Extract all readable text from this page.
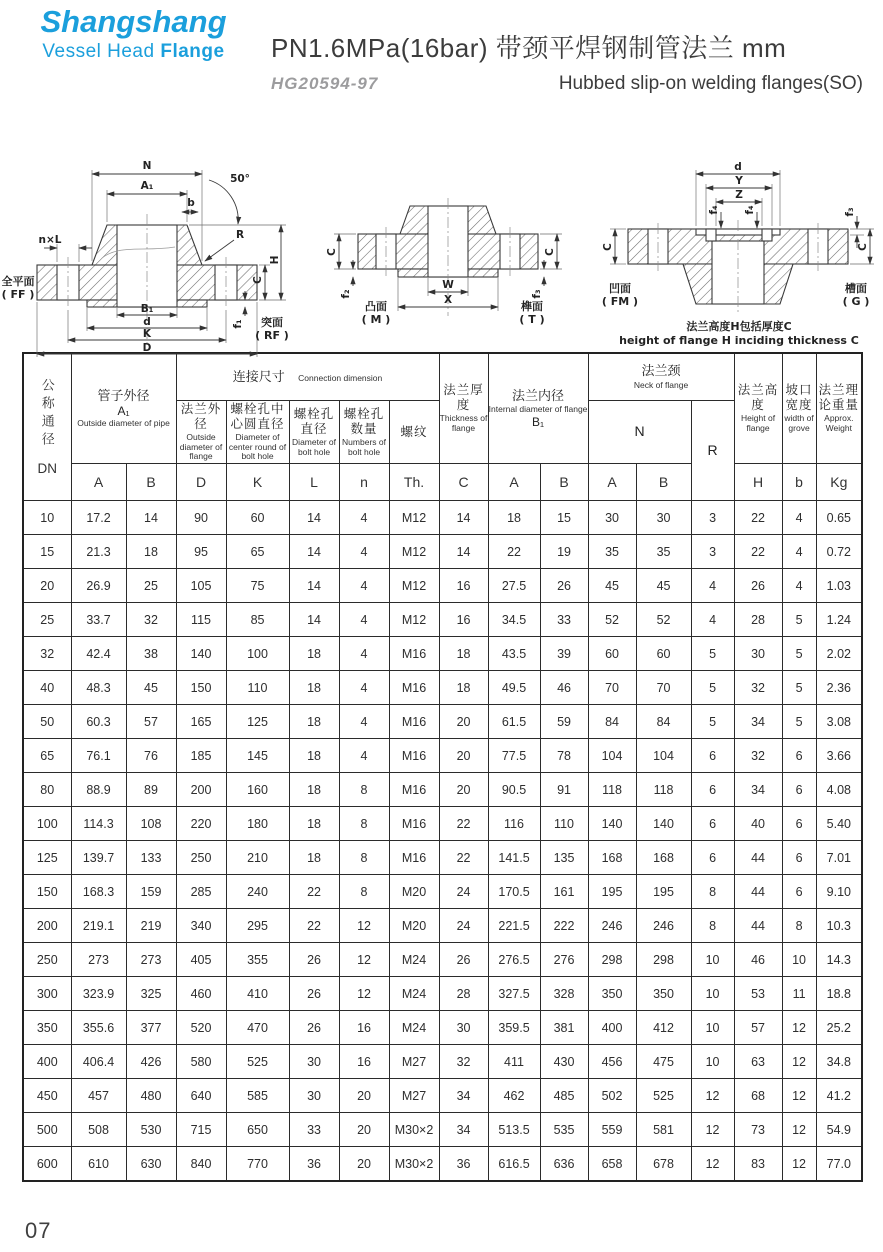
Shangshang
Vessel Head Flange	PN1.6MPa(16bar) 带颈平焊钢制管法兰 mm
HG20594-97	Hubbed slip-on welding flanges(SO)
N
A₁
b
50°
R
n×L
H
C
f₁
B₁
d
K
D
全平面
( FF )
突面
( RF )
C
f₂
C
f₃
W
X
凸面
( M )
榫面
( T )
d
Y
Z
f₄ f₄	f₃
C	C
凹面
( FM )
槽面
( G )
法兰高度H包括厚度C
height of flange H inciding thickness C
公称通径
DN

管子外径
A₁
Outside diameter of pipe
	连接尺寸 Connection dimension	
法兰厚度
Thickness of flange

法兰内径
Internal diameter of flange
B₁

法兰颈
Neck of flange	法兰高度
Height of flange

坡口宽度
width of grove

法兰理论重量
Approx. Weight

法兰外径
Outside diameter of flange

螺栓孔中心圆直径
Diameter of center round of bolt hole

螺栓孔直径
Diameter of bolt hole

螺栓孔数量
Numbers of bolt hole

螺纹	N	R
	A	B	D	K	L	n	Th.	C	A	B	A	B		H	b	Kg
10	17.2	14	90	60	14	4	M12	14	18	15	30	30	3	22	4	0.65
15	21.3	18	95	65	14	4	M12	14	22	19	35	35	3	22	4	0.72
20	26.9	25	105	75	14	4	M12	16	27.5	26	45	45	4	26	4	1.03
25	33.7	32	115	85	14	4	M12	16	34.5	33	52	52	4	28	5	1.24
32	42.4	38	140	100	18	4	M16	18	43.5	39	60	60	5	30	5	2.02
40	48.3	45	150	110	18	4	M16	18	49.5	46	70	70	5	32	5	2.36
50	60.3	57	165	125	18	4	M16	20	61.5	59	84	84	5	34	5	3.08
65	76.1	76	185	145	18	4	M16	20	77.5	78	104	104	6	32	6	3.66
80	88.9	89	200	160	18	8	M16	20	90.5	91	118	118	6	34	6	4.08
100	114.3	108	220	180	18	8	M16	22	116	110	140	140	6	40	6	5.40
125	139.7	133	250	210	18	8	M16	22	141.5	135	168	168	6	44	6	7.01
150	168.3	159	285	240	22	8	M20	24	170.5	161	195	195	8	44	6	9.10
200	219.1	219	340	295	22	12	M20	24	221.5	222	246	246	8	44	8	10.3
250	273	273	405	355	26	12	M24	26	276.5	276	298	298	10	46	10	14.3
300	323.9	325	460	410	26	12	M24	28	327.5	328	350	350	10	53	11	18.8
350	355.6	377	520	470	26	16	M24	30	359.5	381	400	412	10	57	12	25.2
400	406.4	426	580	525	30	16	M27	32	411	430	456	475	10	63	12	34.8
450	457	480	640	585	30	20	M27	34	462	485	502	525	12	68	12	41.2
500	508	530	715	650	33	20	M30×2	34	513.5	535	559	581	12	73	12	54.9
600	610	630	840	770	36	20	M30×2	36	616.5	636	658	678	12	83	12	77.0
07
